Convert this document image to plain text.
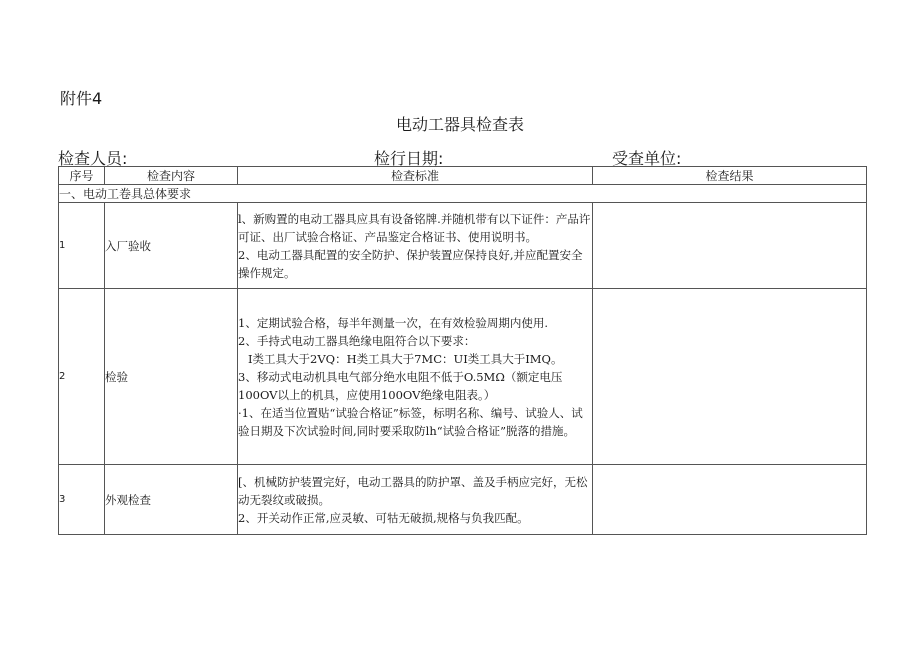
附件4
电动工器具检查表
检查人员:	检行日期:	受查单位:
序号	检查内容	检查标准	检查结果
一、电动工卷具总体要求			
1	入厂验收	l、新购置的电动工器具应具有设备铭牌.并随机带有以下证件：产品许可证、出厂试验合格证、产品鉴定合格证书、使用说明书。
2、电动工器具配置的安全防护、保护装置应保持良好,并应配置安全操作规定。	

2	检验	1、定期试验合格，每半年测量一次，在有效检验周期内使用.
2、手持式电动工器具绝缘电阻符合以下要求：
I类工具大于2VQ：H类工具大于7MC：UI类工具大于IMQ。
3、移动式电动机具电气部分绝水电阻不低于O.5MΩ（额定电压100OV以上的机具，应使用100OV绝缘电阻表。）
·1、在适当位置贴“试验合格证”标签，标明名称、编号、试验人、试验日期及下次试验时间,同时要采取防lh“试验合格证”脱落的措施。	

3	外观检查	[、机械防护装置完好，电动工器具的防护罩、盖及手柄应完好，无松动无裂纹或破损。
2、开关动作正常,应灵敏、可牯无破损,规格与负我匹配。	
